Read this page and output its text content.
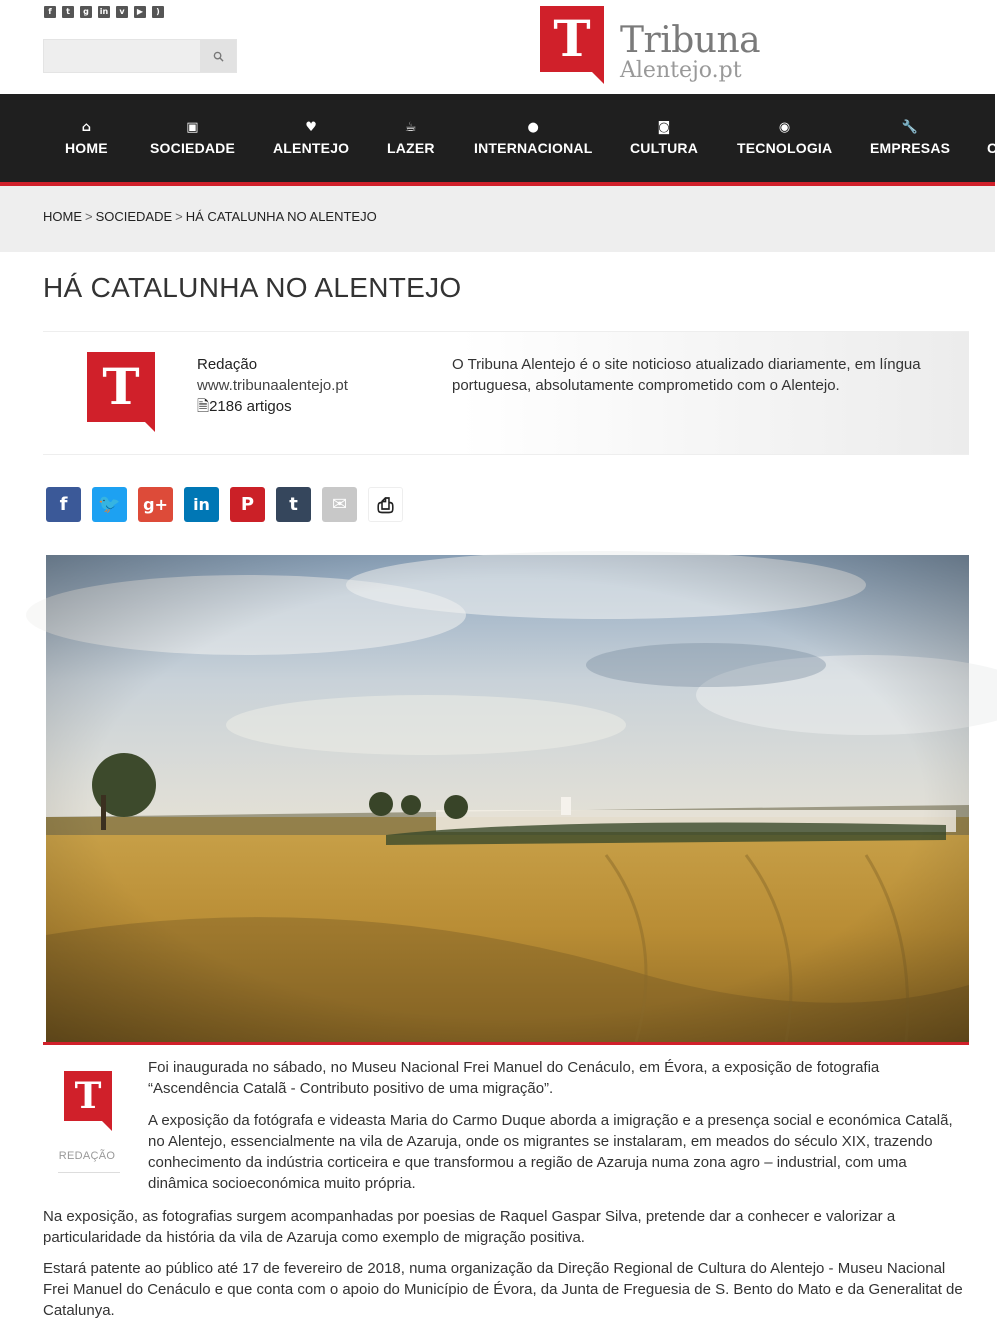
f	t	g	in	v	▶	)	T Tribuna
Alentejo.pt
⌂
HOME
▣
SOCIEDADE
♥
ALENTEJO
☕
LAZER
●
INTERNACIONAL
◙
CULTURA
◉
TECNOLOGIA
🔧
EMPRESAS
	C
HOME > SOCIEDADE > HÁ CATALUNHA NO ALENTEJO
HÁ CATALUNHA NO ALENTEJO
T	Redação
www.tribunaalentejo.pt
🗎2186 artigos
O Tribuna Alentejo é o site noticioso atualizado diariamente, em língua portuguesa, absolutamente comprometido com o Alentejo.
f	🐦	g+	in	P	t	✉	⎙
T
REDAÇÃO

Foi inaugurada no sábado, no Museu Nacional Frei Manuel do Cenáculo, em Évora, a exposição de fotografia “Ascendência Catalã - Contributo positivo de uma migração”.

A exposição da fotógrafa e videasta Maria do Carmo Duque aborda a imigração e a presença social e económica Catalã, no Alentejo, essencialmente na vila de Azaruja, onde os migrantes se instalaram, em meados do século XIX, trazendo conhecimento da indústria corticeira e que transformou a região de Azaruja numa zona agro – industrial, com uma dinâmica socioeconómica muito própria.

Na exposição, as fotografias surgem acompanhadas por poesias de Raquel Gaspar Silva, pretende dar a conhecer e valorizar a particularidade da história da vila de Azaruja como exemplo de migração positiva.

Estará patente ao público até 17 de fevereiro de 2018, numa organização da Direção Regional de Cultura do Alentejo - Museu Nacional Frei Manuel do Cenáculo e que conta com o apoio do Município de Évora, da Junta de Freguesia de S. Bento do Mato e da Generalitat de Catalunya.
